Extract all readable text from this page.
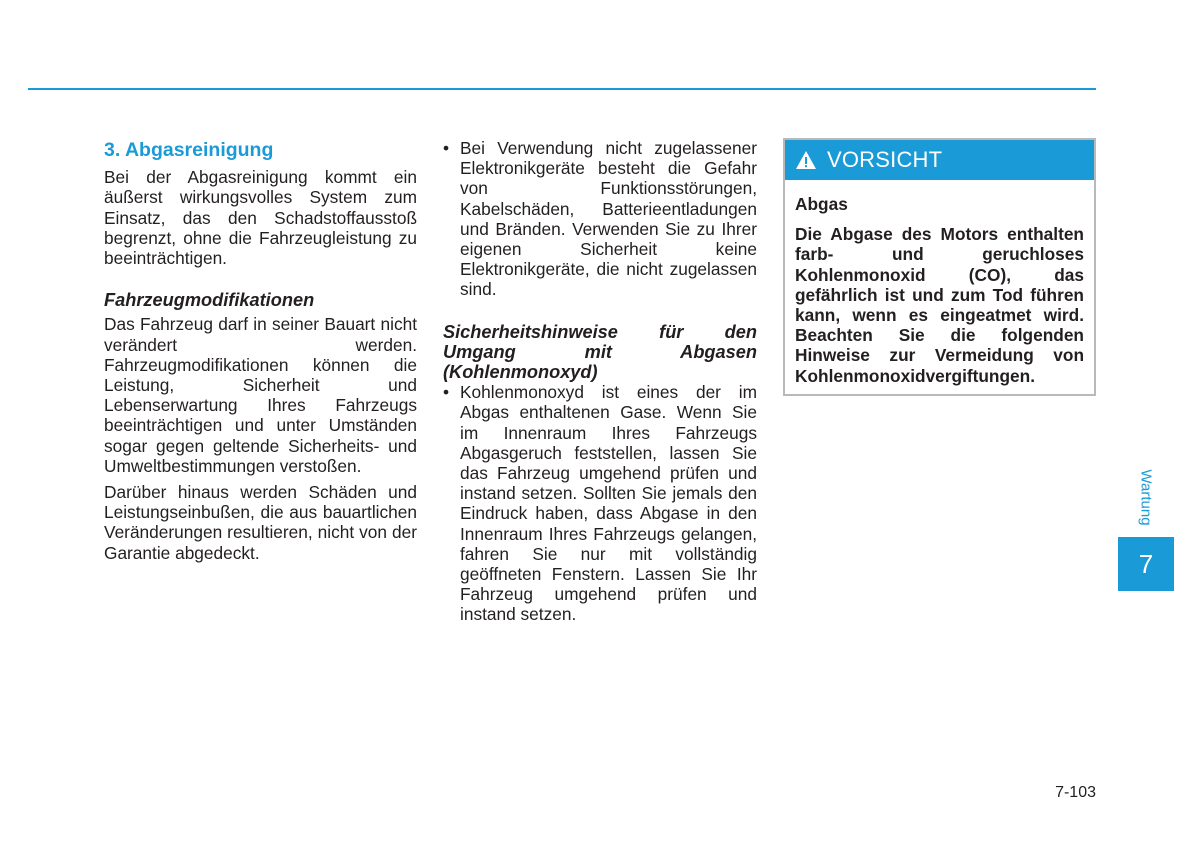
3. Abgasreinigung

Bei der Abgasreinigung kommt ein äußerst wirkungsvolles System zum Einsatz, das den Schadstoffausstoß begrenzt, ohne die Fahrzeugleistung zu beeinträchtigen.

Fahrzeugmodifikationen

Das Fahrzeug darf in seiner Bauart nicht verändert werden. Fahrzeugmodifikationen können die Leistung, Sicherheit und Lebenserwartung Ihres Fahrzeugs beeinträchtigen und unter Umständen sogar gegen geltende Sicherheits- und Umweltbestimmungen verstoßen.

Darüber hinaus werden Schäden und Leistungseinbußen, die aus bauartlichen Veränderungen resultieren, nicht von der Garantie abgedeckt.

• Bei Verwendung nicht zugelassener Elektronikgeräte besteht die Gefahr von Funktionsstörungen, Kabelschäden, Batterieentladungen und Bränden. Verwenden Sie zu Ihrer eigenen Sicherheit keine Elektronikgeräte, die nicht zugelassen sind.
Sicherheitshinweise für den Umgang mit Abgasen (Kohlenmonoxyd)
• Kohlenmonoxyd ist eines der im Abgas enthaltenen Gase. Wenn Sie im Innenraum Ihres Fahrzeugs Abgasgeruch feststellen, lassen Sie das Fahrzeug umgehend prüfen und instand setzen. Sollten Sie jemals den Eindruck haben, dass Abgase in den Innenraum Ihres Fahrzeugs gelangen, fahren Sie nur mit vollständig geöffneten Fenstern. Lassen Sie Ihr Fahrzeug umgehend prüfen und instand setzen.
VORSICHT

Abgas

Die Abgase des Motors enthalten farb- und geruchloses Kohlenmonoxid (CO), das gefährlich ist und zum Tod führen kann, wenn es eingeatmet wird. Beachten Sie die folgenden Hinweise zur Vermeidung von Kohlenmonoxidvergiftungen.

Wartung
7
7-103
